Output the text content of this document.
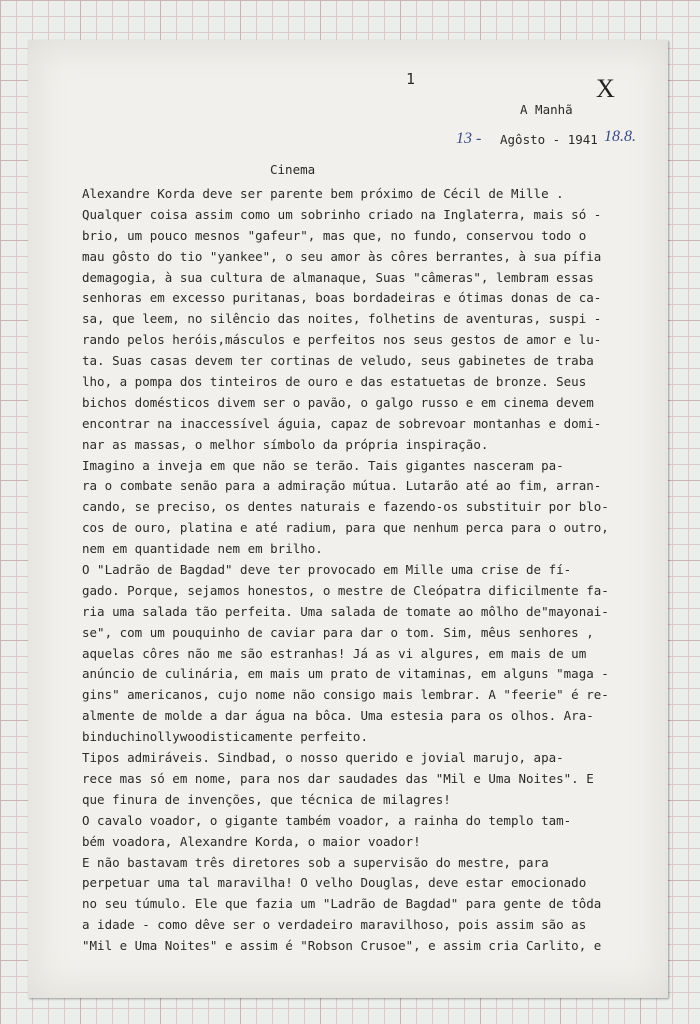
1	X
A Manhã
13 - Agôsto - 1941 18.8.
Cinema
Alexandre Korda deve ser parente bem próximo de Cécil de Mille .
Qualquer coisa assim como um sobrinho criado na Inglaterra, mais só -
brio, um pouco mesnos "gafeur", mas que, no fundo, conservou todo o
mau gôsto do tio "yankee", o seu amor às côres berrantes, à sua pífia
demagogia, à sua cultura de almanaque, Suas "câmeras", lembram essas
senhoras em excesso puritanas, boas bordadeiras e ótimas donas de ca-
sa, que leem, no silêncio das noites, folhetins de aventuras, suspi -
rando pelos heróis,másculos e perfeitos nos seus gestos de amor e lu-
ta. Suas casas devem ter cortinas de veludo, seus gabinetes de traba
lho, a pompa dos tinteiros de ouro e das estatuetas de bronze. Seus
bichos domésticos divem ser o pavão, o galgo russo e em cinema devem
encontrar na inaccessível águia, capaz de sobrevoar montanhas e domi-
nar as massas, o melhor símbolo da própria inspiração.
Imagino a inveja em que não se terão. Tais gigantes nasceram pa-
ra o combate senão para a admiração mútua. Lutarão até ao fim, arran-
cando, se preciso, os dentes naturais e fazendo-os substituir por blo-
cos de ouro, platina e até radium, para que nenhum perca para o outro,
nem em quantidade nem em brilho.
O "Ladrão de Bagdad" deve ter provocado em Mille uma crise de fí-
gado. Porque, sejamos honestos, o mestre de Cleópatra dificilmente fa-
ria uma salada tão perfeita. Uma salada de tomate ao môlho de"mayonai-
se", com um pouquinho de caviar para dar o tom. Sim, mêus senhores ,
aquelas côres não me são estranhas! Já as vi algures, em mais de um
anúncio de culinária, em mais um prato de vitaminas, em alguns "maga -
gins" americanos, cujo nome não consigo mais lembrar. A "feerie" é re-
almente de molde a dar água na bôca. Uma estesia para os olhos. Ara-
binduchinollywoodisticamente perfeito.
Tipos admiráveis. Sindbad, o nosso querido e jovial marujo, apa-
rece mas só em nome, para nos dar saudades das "Mil e Uma Noites". E
que finura de invenções, que técnica de milagres!
O cavalo voador, o gigante também voador, a rainha do templo tam-
bém voadora, Alexandre Korda, o maior voador!
E não bastavam três diretores sob a supervisão do mestre, para
perpetuar uma tal maravilha! O velho Douglas, deve estar emocionado
no seu túmulo. Ele que fazia um "Ladrão de Bagdad" para gente de tôda
a idade - como dêve ser o verdadeiro maravilhoso, pois assim são as
"Mil e Uma Noites" e assim é "Robson Crusoe", e assim cria Carlito, e
